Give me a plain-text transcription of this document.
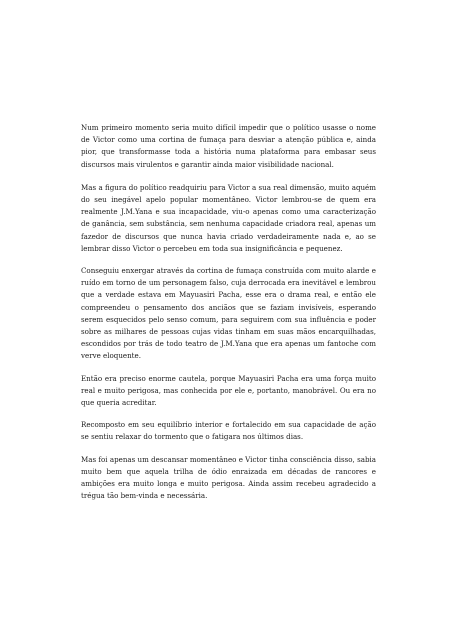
Num primeiro momento seria muito difícil impedir que o político usasse o nome de Victor como uma cortina de fumaça para desviar a atenção pública e, ainda pior, que transformasse toda a história numa plataforma para embasar seus discursos mais virulentos e garantir ainda maior visibilidade nacional.

Mas a figura do político readquiriu para Victor a sua real dimensão, muito aquém do seu inegável apelo popular momentâneo. Victor lembrou-se de quem era realmente J.M.Yana e sua incapacidade, viu-o apenas como uma caracterização de ganância, sem substância, sem nenhuma capacidade criadora real, apenas um fazedor de discursos que nunca havia criado verdadeiramente nada e, ao se lembrar disso Victor o percebeu em toda sua insignificância e pequenez.

Conseguiu enxergar através da cortina de fumaça construída com muito alarde e ruído em torno de um personagem falso, cuja derrocada era inevitável e lembrou que a verdade estava em Mayuasiri Pacha, esse era o drama real, e então ele compreendeu o pensamento dos anciãos que se faziam invisíveis, esperando serem esquecidos pelo senso comum, para seguirem com sua influência e poder sobre as milhares de pessoas cujas vidas tinham em suas mãos encarquilhadas, escondidos por trás de todo teatro de J.M.Yana que era apenas um fantoche com verve eloquente.

Então era preciso enorme cautela, porque Mayuasiri Pacha era uma força muito real e muito perigosa, mas conhecida por ele e, portanto, manobrável. Ou era no que queria acreditar.

Recomposto em seu equilíbrio interior e fortalecido em sua capacidade de ação se sentiu relaxar do tormento que o fatigara nos últimos dias.

Mas foi apenas um descansar momentâneo e Victor tinha consciência disso, sabia muito bem que aquela trilha de ódio enraizada em décadas de rancores e ambições era muito longa e muito perigosa. Ainda assim recebeu agradecido a trégua tão bem-vinda e necessária.
